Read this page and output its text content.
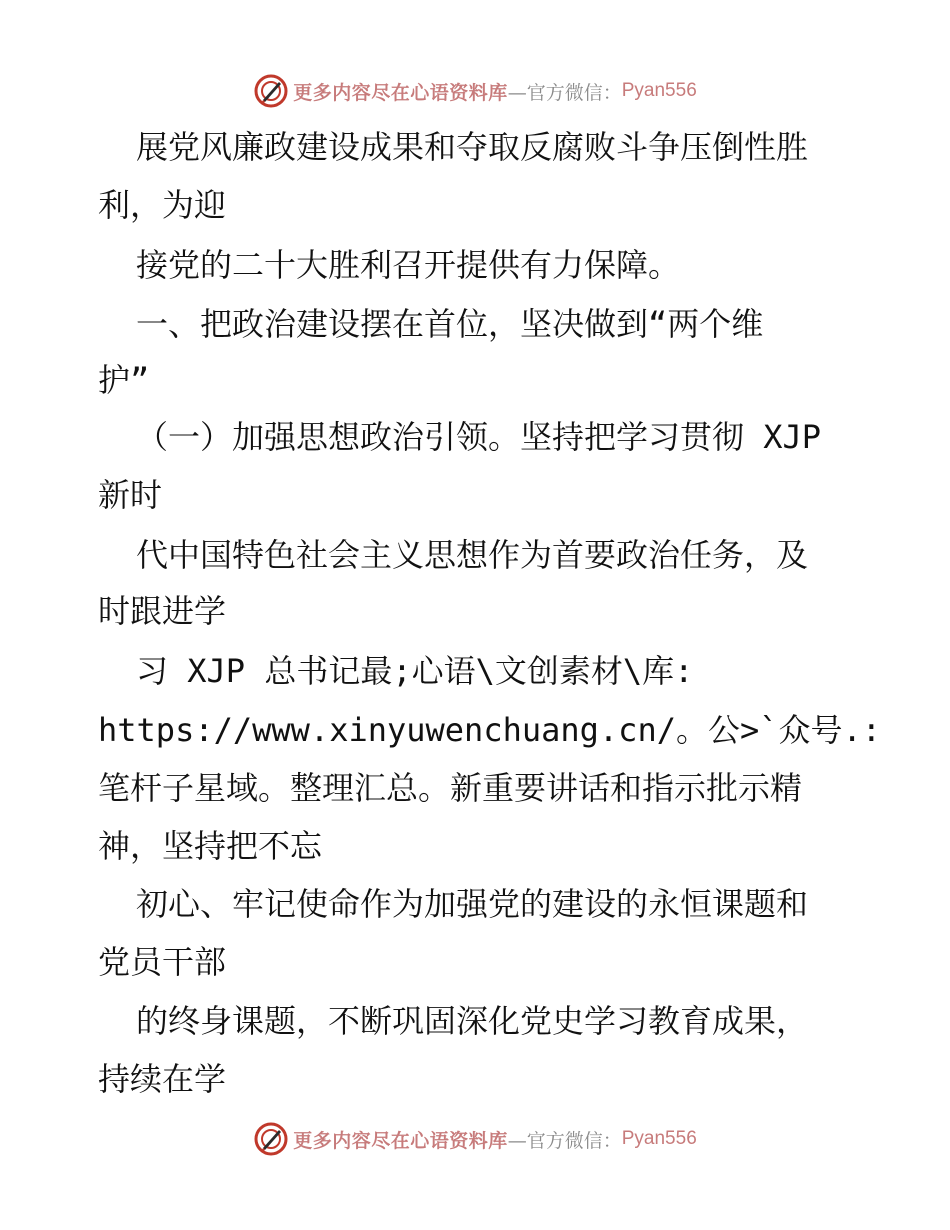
更多内容尽在心语资料库 —官方微信： Pyan556
展党风廉政建设成果和夺取反腐败斗争压倒性胜
利，为迎
接党的二十大胜利召开提供有力保障。
一、把政治建设摆在首位，坚决做到“两个维
护”
（一）加强思想政治引领。坚持把学习贯彻 XJP
新时
代中国特色社会主义思想作为首要政治任务，及
时跟进学
习 XJP 总书记最;心语\文创素材\库:
https://www.xinyuwenchuang.cn/。公>`众号.:
笔杆子星域。整理汇总。新重要讲话和指示批示精
神，坚持把不忘
初心、牢记使命作为加强党的建设的永恒课题和
党员干部
的终身课题，不断巩固深化党史学习教育成果，
持续在学
更多内容尽在心语资料库 —官方微信： Pyan556
